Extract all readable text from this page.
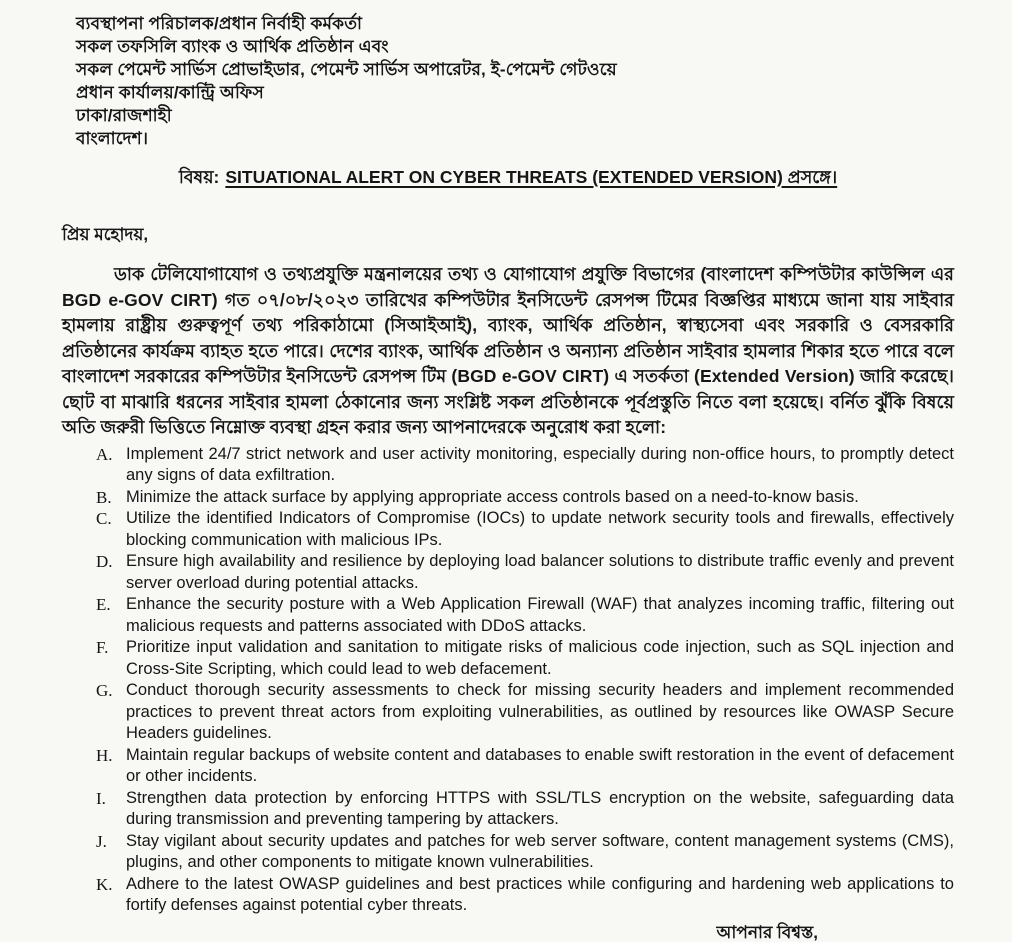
ব্যবস্থাপনা পরিচালক/প্রধান নির্বাহী কর্মকর্তা
সকল তফসিলি ব্যাংক ও আর্থিক প্রতিষ্ঠান এবং
সকল পেমেন্ট সার্ভিস প্রোভাইডার, পেমেন্ট সার্ভিস অপারেটর, ই-পেমেন্ট গেটওয়ে
প্রধান কার্যালয়/কান্ট্রি অফিস
ঢাকা/রাজশাহী
বাংলাদেশ।
বিষয়: SITUATIONAL ALERT ON CYBER THREATS (EXTENDED VERSION) প্রসঙ্গে।
প্রিয় মহোদয়,

ডাক টেলিযোগাযোগ ও তথ্যপ্রযুক্তি মন্ত্রনালয়ের তথ্য ও যোগাযোগ প্রযুক্তি বিভাগের (বাংলাদেশ কম্পিউটার কাউন্সিল এর BGD e-GOV CIRT) গত ০৭/০৮/২০২৩ তারিখের কম্পিউটার ইনসিডেন্ট রেসপন্স টিমের বিজ্ঞপ্তির মাধ্যমে জানা যায় সাইবার হামলায় রাষ্ট্রীয় গুরুত্বপূর্ণ তথ্য পরিকাঠামো (সিআইআই), ব্যাংক, আর্থিক প্রতিষ্ঠান, স্বাস্থ্যসেবা এবং সরকারি ও বেসরকারি প্রতিষ্ঠানের কার্যক্রম ব্যাহত হতে পারে। দেশের ব্যাংক, আর্থিক প্রতিষ্ঠান ও অন্যান্য প্রতিষ্ঠান সাইবার হামলার শিকার হতে পারে বলে বাংলাদেশ সরকারের কম্পিউটার ইনসিডেন্ট রেসপন্স টিম (BGD e-GOV CIRT) এ সতর্কতা (Extended Version) জারি করেছে। ছোট বা মাঝারি ধরনের সাইবার হামলা ঠেকানোর জন্য সংশ্লিষ্ট সকল প্রতিষ্ঠানকে পূর্বপ্রস্তুতি নিতে বলা হয়েছে। বর্নিত ঝুঁকি বিষয়ে অতি জরুরী ভিত্তিতে নিম্নোক্ত ব্যবস্থা গ্রহন করার জন্য আপনাদেরকে অনুরোধ করা হলো:

A. Implement 24/7 strict network and user activity monitoring, especially during non-office hours, to promptly detect any signs of data exfiltration.
B. Minimize the attack surface by applying appropriate access controls based on a need-to-know basis.
C. Utilize the identified Indicators of Compromise (IOCs) to update network security tools and firewalls, effectively blocking communication with malicious IPs.
D. Ensure high availability and resilience by deploying load balancer solutions to distribute traffic evenly and prevent server overload during potential attacks.
E. Enhance the security posture with a Web Application Firewall (WAF) that analyzes incoming traffic, filtering out malicious requests and patterns associated with DDoS attacks.
F.	Prioritize input validation and sanitation to mitigate risks of malicious code injection, such as SQL injection and Cross-Site Scripting, which could lead to web defacement.
G. Conduct thorough security assessments to check for missing security headers and implement recommended practices to prevent threat actors from exploiting vulnerabilities, as outlined by resources like OWASP Secure Headers guidelines.
H. Maintain regular backups of website content and databases to enable swift restoration in the event of defacement or other incidents.
I.	Strengthen data protection by enforcing HTTPS with SSL/TLS encryption on the website, safeguarding data during transmission and preventing tampering by attackers.
J.	Stay vigilant about security updates and patches for web server software, content management systems (CMS), plugins, and other components to mitigate known vulnerabilities.
K. Adhere to the latest OWASP guidelines and best practices while configuring and hardening web applications to fortify defenses against potential cyber threats.
আপনার বিশ্বস্ত,
